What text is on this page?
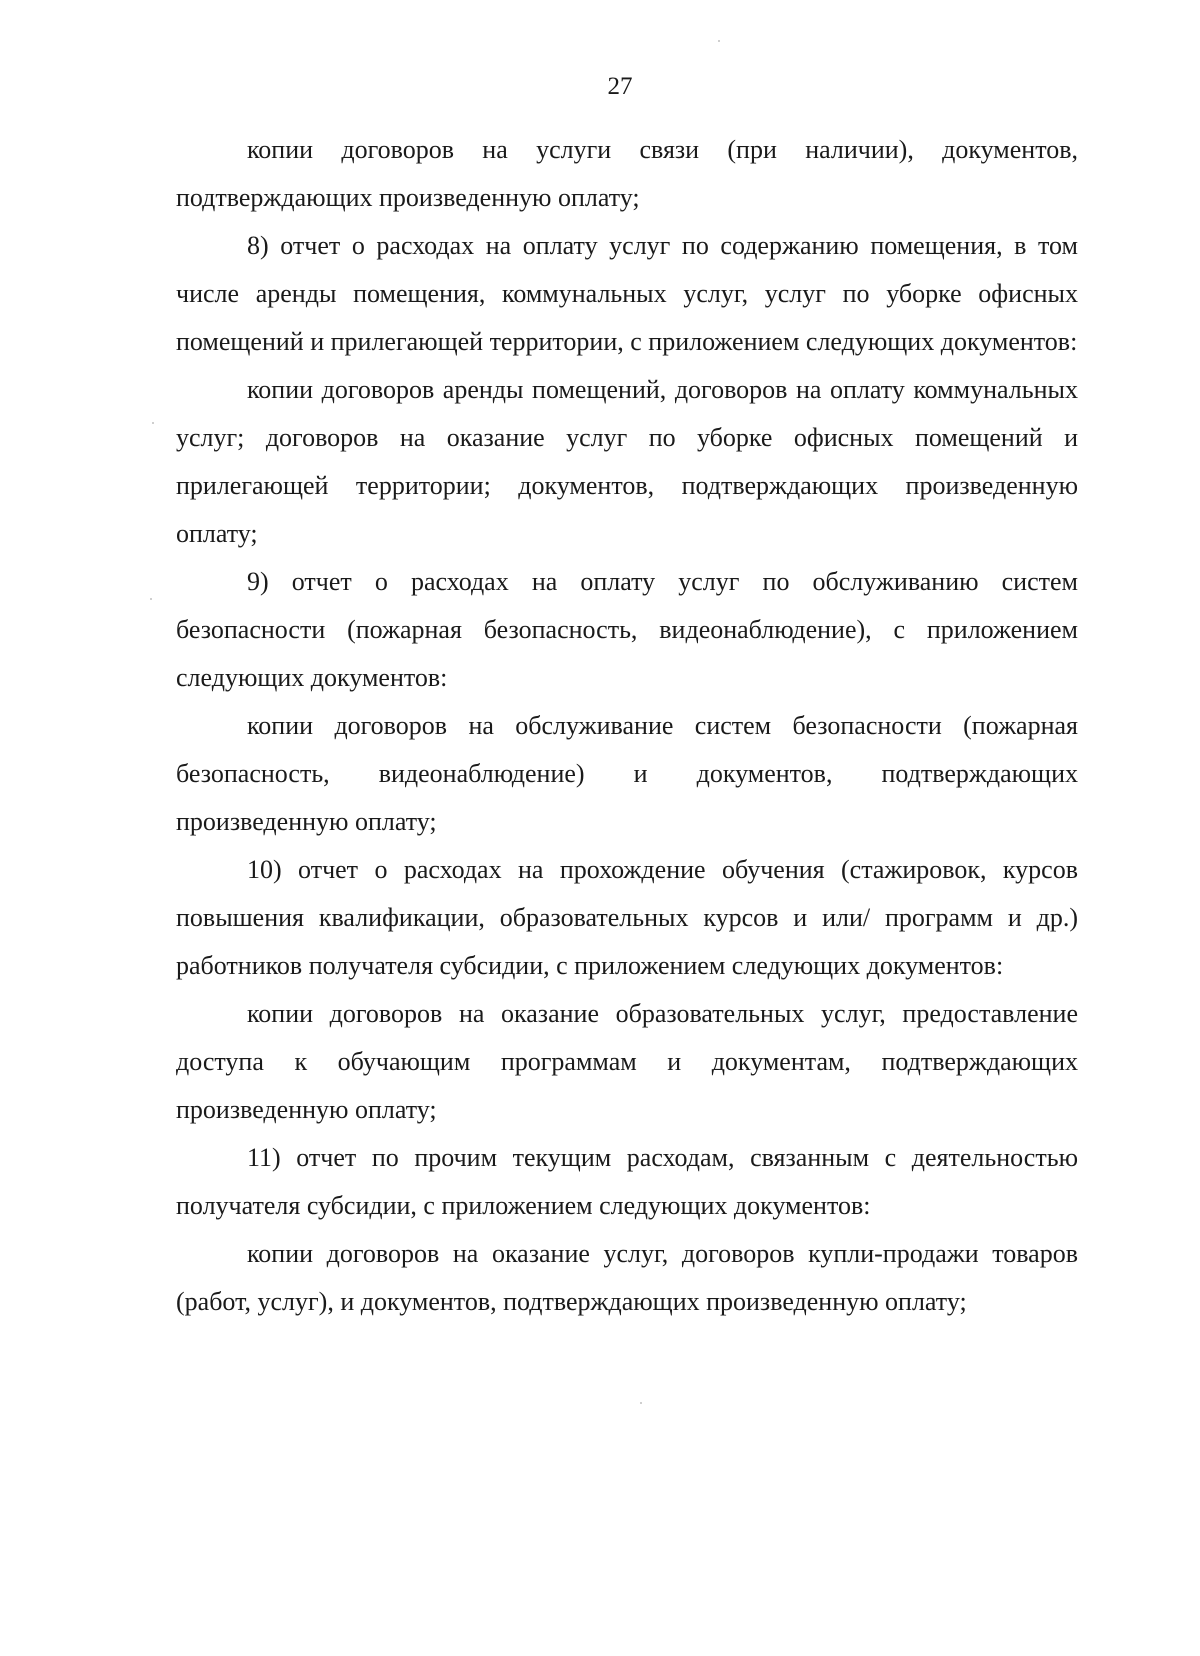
27

копии договоров на услуги связи (при наличии), документов, подтверждающих произведенную оплату;

8) отчет о расходах на оплату услуг по содержанию помещения, в том числе аренды помещения, коммунальных услуг, услуг по уборке офисных помещений и прилегающей территории, с приложением следующих документов:

копии договоров аренды помещений, договоров на оплату коммунальных услуг; договоров на оказание услуг по уборке офисных помещений и прилегающей территории; документов, подтверждающих произведенную оплату;

9) отчет о расходах на оплату услуг по обслуживанию систем безопасности (пожарная безопасность, видеонаблюдение), с приложением следующих документов:

копии договоров на обслуживание систем безопасности (пожарная безопасность, видеонаблюдение) и документов, подтверждающих произведенную оплату;

10) отчет о расходах на прохождение обучения (стажировок, курсов повышения квалификации, образовательных курсов и или/ программ и др.) работников получателя субсидии, с приложением следующих документов:

копии договоров на оказание образовательных услуг, предоставление доступа к обучающим программам и документам, подтверждающих произведенную оплату;

11) отчет по прочим текущим расходам, связанным с деятельностью получателя субсидии, с приложением следующих документов:

копии договоров на оказание услуг, договоров купли-продажи товаров (работ, услуг), и документов, подтверждающих произведенную оплату;
